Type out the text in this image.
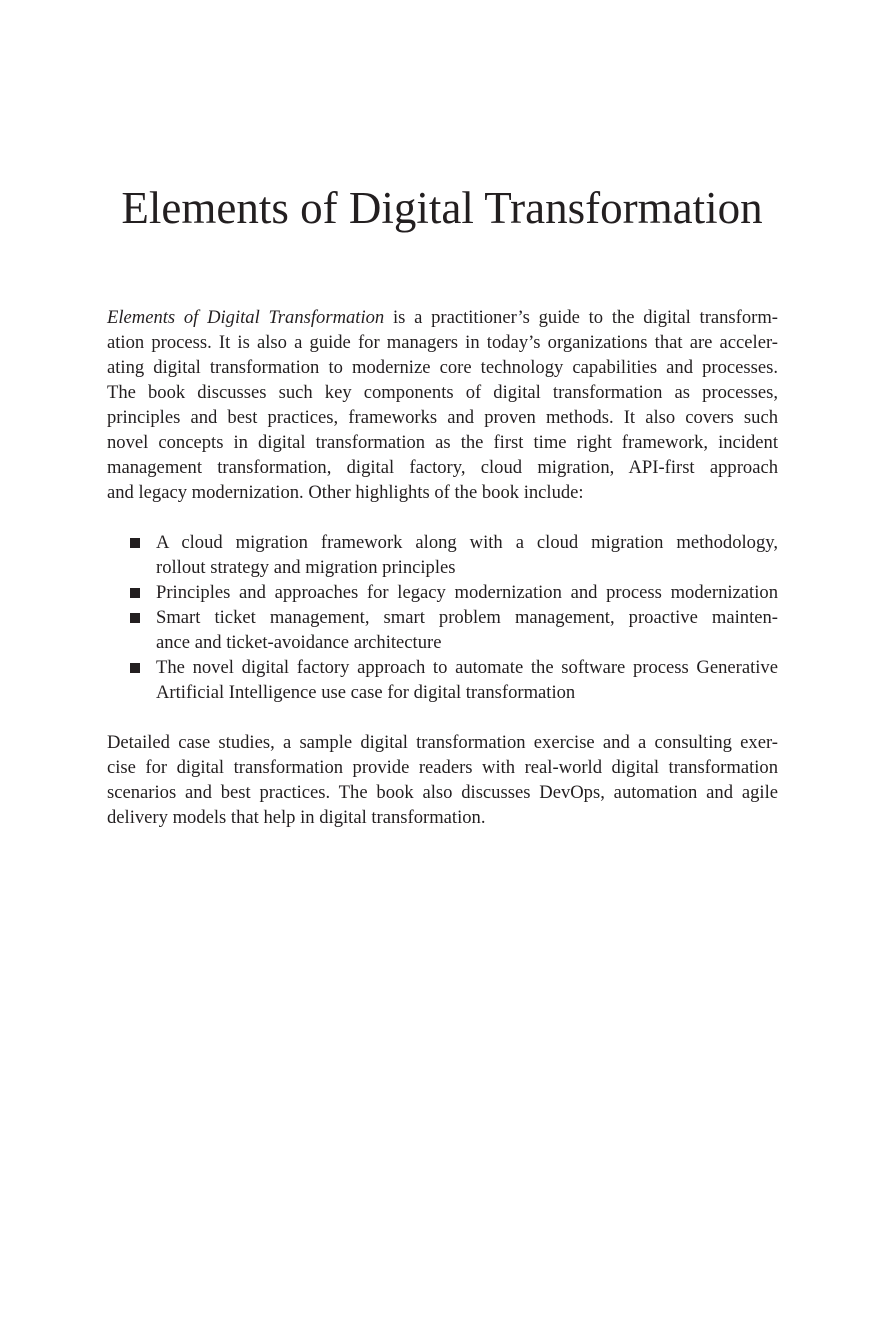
Elements of Digital Transformation
Elements of Digital Transformation is a practitioner’s guide to the digital transform-
ation process. It is also a guide for managers in today’s organizations that are acceler-
ating digital transformation to modernize core technology capabilities and processes.
The book discusses such key components of digital transformation as processes,
principles and best practices, frameworks and proven methods. It also covers such
novel concepts in digital transformation as the first time right framework, incident
management transformation, digital factory, cloud migration, API-first approach
and legacy modernization. Other highlights of the book include:
A cloud migration framework along with a cloud migration methodology,
rollout strategy and migration principles
Principles and approaches for legacy modernization and process modernization
Smart ticket management, smart problem management, proactive mainten-
ance and ticket-avoidance architecture
The novel digital factory approach to automate the software process Generative
Artificial Intelligence use case for digital transformation
Detailed case studies, a sample digital transformation exercise and a consulting exer-
cise for digital transformation provide readers with real-world digital transformation
scenarios and best practices. The book also discusses DevOps, automation and agile
delivery models that help in digital transformation.
